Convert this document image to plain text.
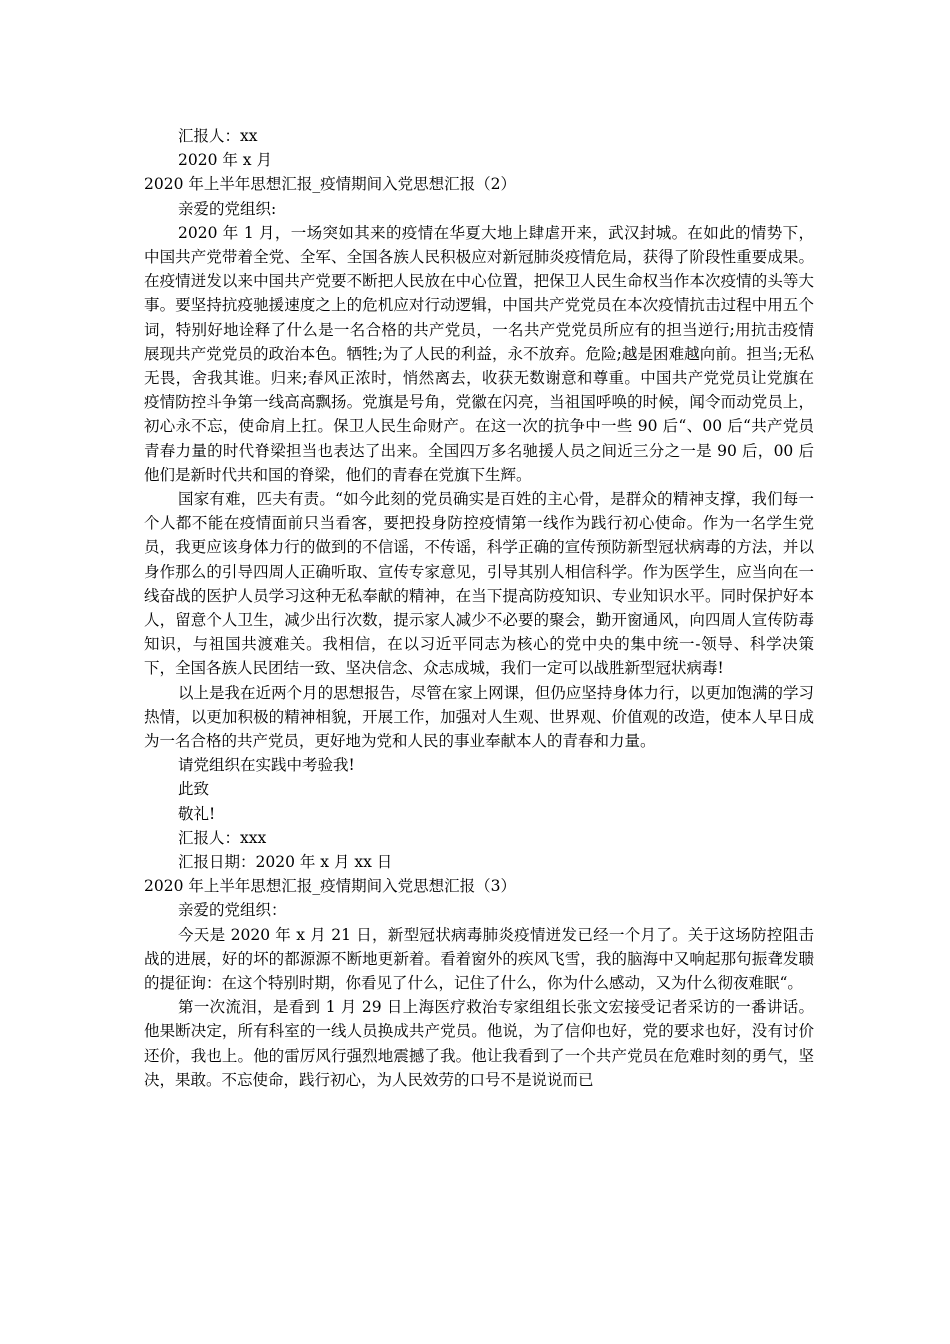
汇报人：xx
2020 年 x 月
2020 年上半年思想汇报_疫情期间入党思想汇报（2）
亲爱的党组织:

2020 年 1 月，一场突如其来的疫情在华夏大地上肆虐开来，武汉封城。在如此的情势下，中国共产党带着全党、全军、全国各族人民积极应对新冠肺炎疫情危局，获得了阶段性重要成果。在疫情迸发以来中国共产党要不断把人民放在中心位置，把保卫人民生命权当作本次疫情的头等大事。要坚持抗疫驰援速度之上的危机应对行动逻辑，中国共产党党员在本次疫情抗击过程中用五个词，特别好地诠释了什么是一名合格的共产党员，一名共产党党员所应有的担当逆行;用抗击疫情展现共产党党员的政治本色。牺牲;为了人民的利益，永不放弃。危险;越是困难越向前。担当;无私无畏，舍我其谁。归来;春风正浓时，悄然离去，收获无数谢意和尊重。中国共产党党员让党旗在疫情防控斗争第一线高高飘扬。党旗是号角，党徽在闪亮，当祖国呼唤的时候，闻令而动党员上，初心永不忘，使命肩上扛。保卫人民生命财产。在这一次的抗争中一些 90 后“、00 后“共产党员青春力量的时代脊梁担当也表达了出来。全国四万多名驰援人员之间近三分之一是 90 后，00 后他们是新时代共和国的脊梁，他们的青春在党旗下生辉。

国家有难，匹夫有责。“如今此刻的党员确实是百姓的主心骨，是群众的精神支撑，我们每一个人都不能在疫情面前只当看客，要把投身防控疫情第一线作为践行初心使命。作为一名学生党员，我更应该身体力行的做到的不信谣，不传谣，科学正确的宣传预防新型冠状病毒的方法，并以身作那么的引导四周人正确听取、宣传专家意见，引导其别人相信科学。作为医学生，应当向在一线奋战的医护人员学习这种无私奉献的精神，在当下提高防疫知识、专业知识水平。同时保护好本人，留意个人卫生，减少出行次数，提示家人减少不必要的聚会，勤开窗通风，向四周人宣传防毒知识，与祖国共渡难关。我相信，在以习近平同志为核心的党中央的集中统一-领导、科学决策下，全国各族人民团结一致、坚决信念、众志成城，我们一定可以战胜新型冠状病毒!

以上是我在近两个月的思想报告，尽管在家上网课，但仍应坚持身体力行，以更加饱满的学习热情，以更加积极的精神相貌，开展工作，加强对人生观、世界观、价值观的改造，使本人早日成为一名合格的共产党员，更好地为党和人民的事业奉献本人的青春和力量。

请党组织在实践中考验我!
此致
敬礼!
汇报人：xxx
汇报日期：2020 年 x 月 xx 日
2020 年上半年思想汇报_疫情期间入党思想汇报（3）
亲爱的党组织：

今天是 2020 年 x 月 21 日，新型冠状病毒肺炎疫情迸发已经一个月了。关于这场防控阻击战的进展，好的坏的都源源不断地更新着。看着窗外的疾风飞雪，我的脑海中又响起那句振聋发聩的提征询：在这个特别时期，你看见了什么，记住了什么，你为什么感动，又为什么彻夜难眠“。

第一次流泪，是看到 1 月 29 日上海医疗救治专家组组长张文宏接受记者采访的一番讲话。他果断决定，所有科室的一线人员换成共产党员。他说，为了信仰也好，党的要求也好，没有讨价还价，我也上。他的雷厉风行强烈地震撼了我。他让我看到了一个共产党员在危难时刻的勇气，坚决，果敢。不忘使命，践行初心，为人民效劳的口号不是说说而已
